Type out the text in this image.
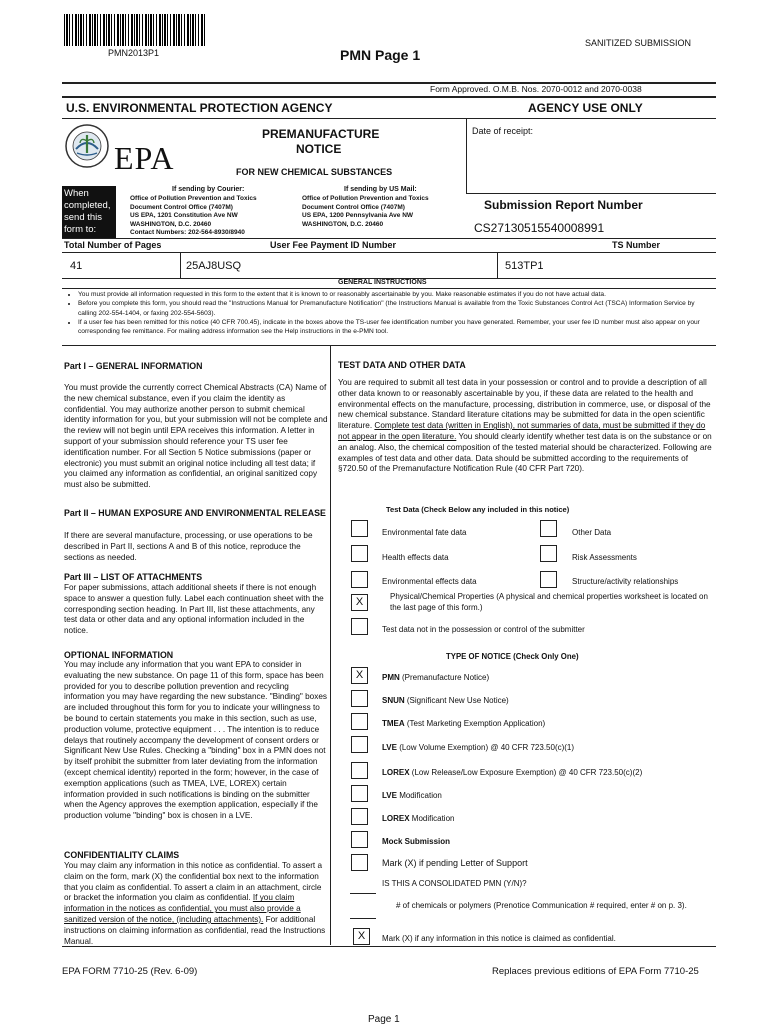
PMN2013P1	PMN Page 1
SANITIZED SUBMISSION
Form Approved. O.M.B. Nos. 2070-0012 and 2070-0038
U.S. ENVIRONMENTAL PROTECTION AGENCY	AGENCY USE ONLY
EPA
PREMANUFACTURE
NOTICE
Date of receipt:
FOR NEW CHEMICAL SUBSTANCES
When completed, send this form to:
If sending by Courier:
Office of Pollution Prevention and Toxics
Document Control Office (7407M)
US EPA, 1201 Constitution Ave NW
WASHINGTON, D.C. 20460
Contact Numbers: 202-564-8930/8940
If sending by US Mail:
Office of Pollution Prevention and Toxics
Document Control Office (7407M)
US EPA, 1200 Pennsylvania Ave NW
WASHINGTON, D.C. 20460
Submission Report Number
CS27130515540008991
Total Number of Pages	User Fee Payment ID Number	TS Number
41	25AJ8USQ	513TP1
GENERAL INSTRUCTIONS
• You must provide all information requested in this form to the extent that it is known to or reasonably ascertainable by you. Make reasonable estimates if you do not have actual data.
• Before you complete this form, you should read the "Instructions Manual for Premanufacture Notification" (the Instructions Manual is available from the Toxic Substances Control Act (TSCA) Information Service by calling 202-554-1404, or faxing 202-554-5603).
• If a user fee has been remitted for this notice (40 CFR 700.45), indicate in the boxes above the TS-user fee identification number you have generated. Remember, your user fee ID number must also appear on your corresponding fee remittance. For mailing address information see the Help instructions in the e-PMN tool.
Part I – GENERAL INFORMATION
You must provide the currently correct Chemical Abstracts (CA) Name of the new chemical substance, even if you claim the identity as confidential. You may authorize another person to submit chemical identity information for you, but your submission will not be complete and the review will not begin until EPA receives this information. A letter in support of your submission should reference your TS user fee identification number. For all Section 5 Notice submissions (paper or electronic) you must submit an original notice including all test data; if you claimed any information as confidential, an original sanitized copy must also be submitted.
Part II – HUMAN EXPOSURE AND ENVIRONMENTAL RELEASE
If there are several manufacture, processing, or use operations to be described in Part II, sections A and B of this notice, reproduce the sections as needed.
Part III – LIST OF ATTACHMENTS
For paper submissions, attach additional sheets if there is not enough space to answer a question fully. Label each continuation sheet with the corresponding section heading. In Part III, list these attachments, any test data or other data and any optional information included in the notice.
OPTIONAL INFORMATION
You may include any information that you want EPA to consider in evaluating the new substance. On page 11 of this form, space has been provided for you to describe pollution prevention and recycling information you may have regarding the new substance. "Binding" boxes are included throughout this form for you to indicate your willingness to be bound to certain statements you make in this section, such as use, production volume, protective equipment . . . The intention is to reduce delays that routinely accompany the development of consent orders or Significant New Use Rules. Checking a "binding" box in a PMN does not by itself prohibit the submitter from later deviating from the information (except chemical identity) reported in the form; however, in the case of exemption applications (such as TMEA, LVE, LOREX) certain information provided in such notifications is binding on the submitter when the Agency approves the exemption application, especially if the production volume "binding" box is chosen in a LVE.
CONFIDENTIALITY CLAIMS
You may claim any information in this notice as confidential. To assert a claim on the form, mark (X) the confidential box next to the information that you claim as confidential. To assert a claim in an attachment, circle or bracket the information you claim as confidential. If you claim information in the notices as confidential, you must also provide a sanitized version of the notice, (including attachments). For additional instructions on claiming information as confidential, read the Instructions Manual.
TEST DATA AND OTHER DATA
You are required to submit all test data in your possession or control and to provide a description of all other data known to or reasonably ascertainable by you, if these data are related to the health and environmental effects on the manufacture, processing, distribution in commerce, use, or disposal of the new chemical substance. Standard literature citations may be submitted for data in the open scientific literature. Complete test data (written in English), not summaries of data, must be submitted if they do not appear in the open literature. You should clearly identify whether test data is on the substance or on an analog. Also, the chemical composition of the tested material should be characterized. Following are examples of test data and other data. Data should be submitted according to the requirements of §720.50 of the Premanufacture Notification Rule (40 CFR Part 720).
Test Data (Check Below any included in this notice)
Environmental fate data	Other Data
Health effects data	Risk Assessments
Environmental effects data	Structure/activity relationships
X	Physical/Chemical Properties (A physical and chemical properties worksheet is located on the last page of this form.)
Test data not in the possession or control of the submitter
TYPE OF NOTICE (Check Only One)
X	PMN (Premanufacture Notice)
SNUN (Significant New Use Notice)
TMEA (Test Marketing Exemption Application)
LVE (Low Volume Exemption) @ 40 CFR 723.50(c)(1)
LOREX (Low Release/Low Exposure Exemption) @ 40 CFR 723.50(c)(2)
LVE Modification
LOREX Modification
Mock Submission
Mark (X) if pending Letter of Support
IS THIS A CONSOLIDATED PMN (Y/N)?
# of chemicals or polymers (Prenotice Communication # required, enter # on p. 3).
X	Mark (X) if any information in this notice is claimed as confidential.
EPA FORM 7710-25 (Rev. 6-09)	Replaces previous editions of EPA Form 7710-25
Page 1
